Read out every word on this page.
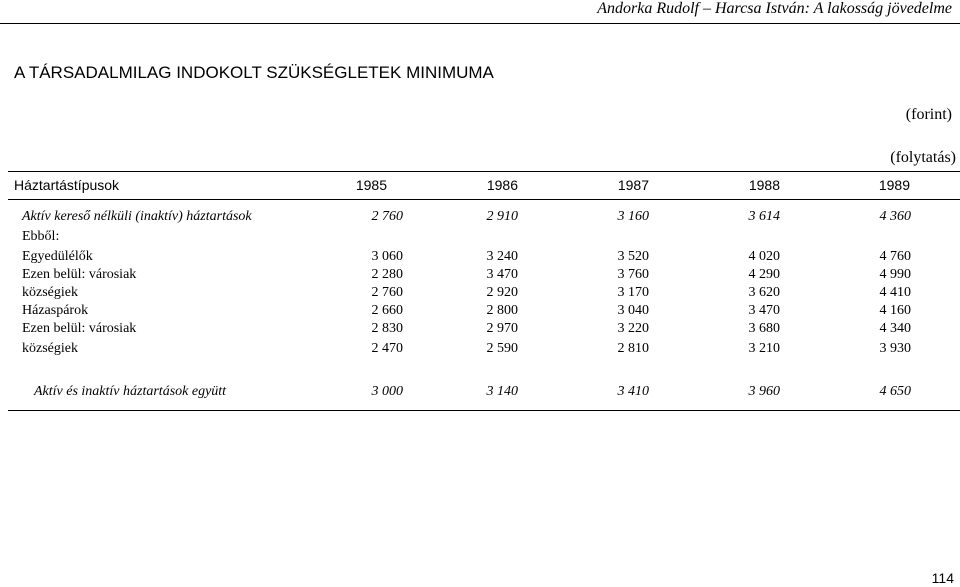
Andorka Rudolf – Harcsa István: A lakosság jövedelme
A TÁRSADALMILAG INDOKOLT SZÜKSÉGLETEK MINIMUMA
(forint)
(folytatás)
Háztartástípusok	1985	1986	1987	1988	1989
Aktív kereső nélküli (inaktív) háztartások	2 760	2 910	3 160	3 614	4 360
Ebből:
Egyedülélők	3 060	3 240	3 520	4 020	4 760
Ezen belül: városiak	2 280	3 470	3 760	4 290	4 990
községiek	2 760	2 920	3 170	3 620	4 410
Házaspárok	2 660	2 800	3 040	3 470	4 160
Ezen belül: városiak	2 830	2 970	3 220	3 680	4 340
községiek	2 470	2 590	2 810	3 210	3 930
Aktív és inaktív háztartások együtt	3 000	3 140	3 410	3 960	4 650
114
